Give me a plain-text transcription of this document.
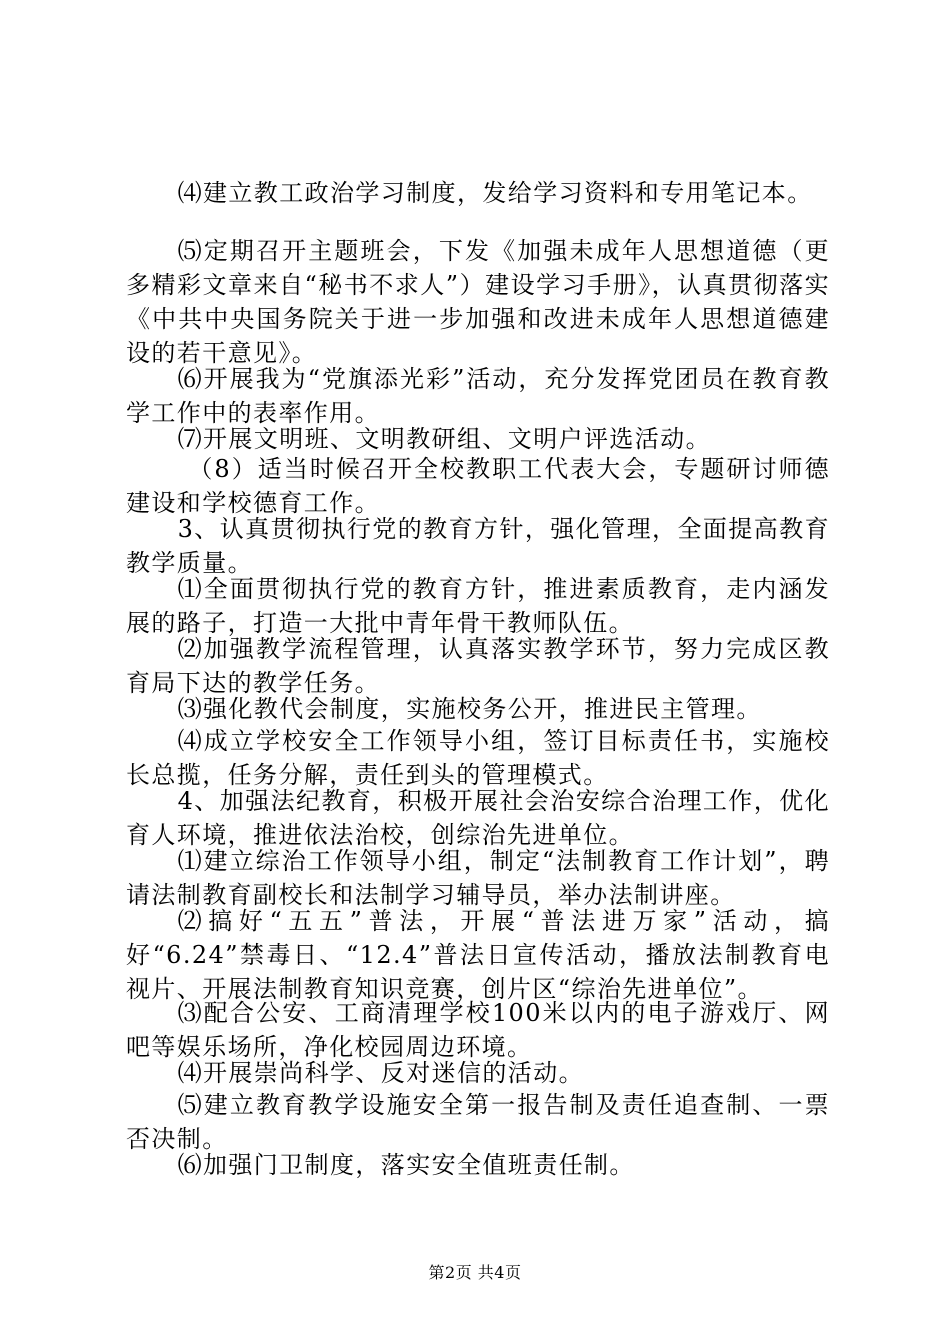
⑷建立教工政治学习制度，发给学习资料和专用笔记本。

⑸定期召开主题班会，下发《加强未成年人思想道德（更多精彩文章来自“秘书不求人”）建设学习手册》，认真贯彻落实《中共中央国务院关于进一步加强和改进未成年人思想道德建设的若干意见》。

⑹开展我为“党旗添光彩”活动，充分发挥党团员在教育教学工作中的表率作用。

⑺开展文明班、文明教研组、文明户评选活动。

（8）适当时候召开全校教职工代表大会，专题研讨师德建设和学校德育工作。

3、认真贯彻执行党的教育方针，强化管理，全面提高教育教学质量。

⑴全面贯彻执行党的教育方针，推进素质教育，走内涵发展的路子，打造一大批中青年骨干教师队伍。

⑵加强教学流程管理，认真落实教学环节，努力完成区教育局下达的教学任务。

⑶强化教代会制度，实施校务公开，推进民主管理。

⑷成立学校安全工作领导小组，签订目标责任书，实施校长总揽，任务分解，责任到头的管理模式。

4、加强法纪教育，积极开展社会治安综合治理工作，优化育人环境，推进依法治校，创综治先进单位。

⑴建立综治工作领导小组，制定“法制教育工作计划”，聘请法制教育副校长和法制学习辅导员，举办法制讲座。

⑵搞好“五五”普法，开展“普法进万家”活动，搞好“6.24”禁毒日、“12.4”普法日宣传活动，播放法制教育电视片、开展法制教育知识竞赛，创片区“综治先进单位”。

⑶配合公安、工商清理学校100米以内的电子游戏厅、网吧等娱乐场所，净化校园周边环境。

⑷开展崇尚科学、反对迷信的活动。

⑸建立教育教学设施安全第一报告制及责任追查制、一票否决制。

⑹加强门卫制度，落实安全值班责任制。

第2页 共4页
